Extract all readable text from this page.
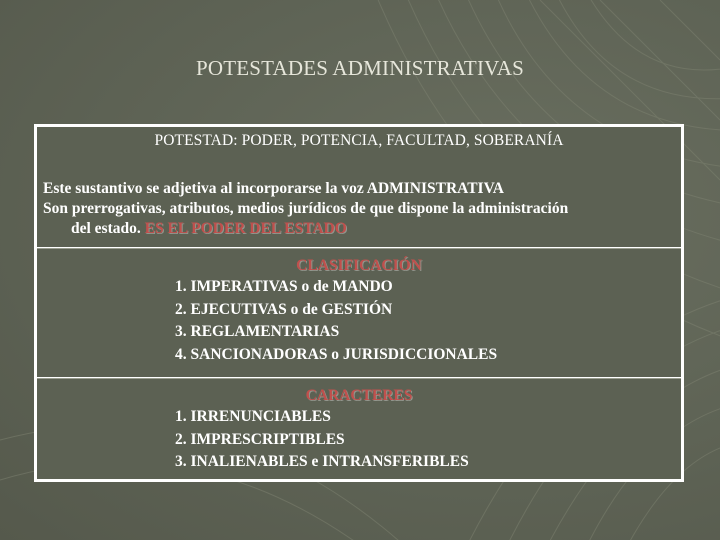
POTESTADES ADMINISTRATIVAS

POTESTAD: PODER, POTENCIA, FACULTAD, SOBERANÍA

Este sustantivo se adjetiva al incorporarse la voz ADMINISTRATIVA

Son prerrogativas, atributos, medios jurídicos de que dispone la administración

del estado. ES EL PODER DEL ESTADO

CLASIFICACIÓN

1. IMPERATIVAS o de MANDO
2. EJECUTIVAS o de GESTIÓN
3. REGLAMENTARIAS
4. SANCIONADORAS o JURISDICCIONALES

CARACTERES

1. IRRENUNCIABLES
2. IMPRESCRIPTIBLES
3. INALIENABLES e INTRANSFERIBLES
